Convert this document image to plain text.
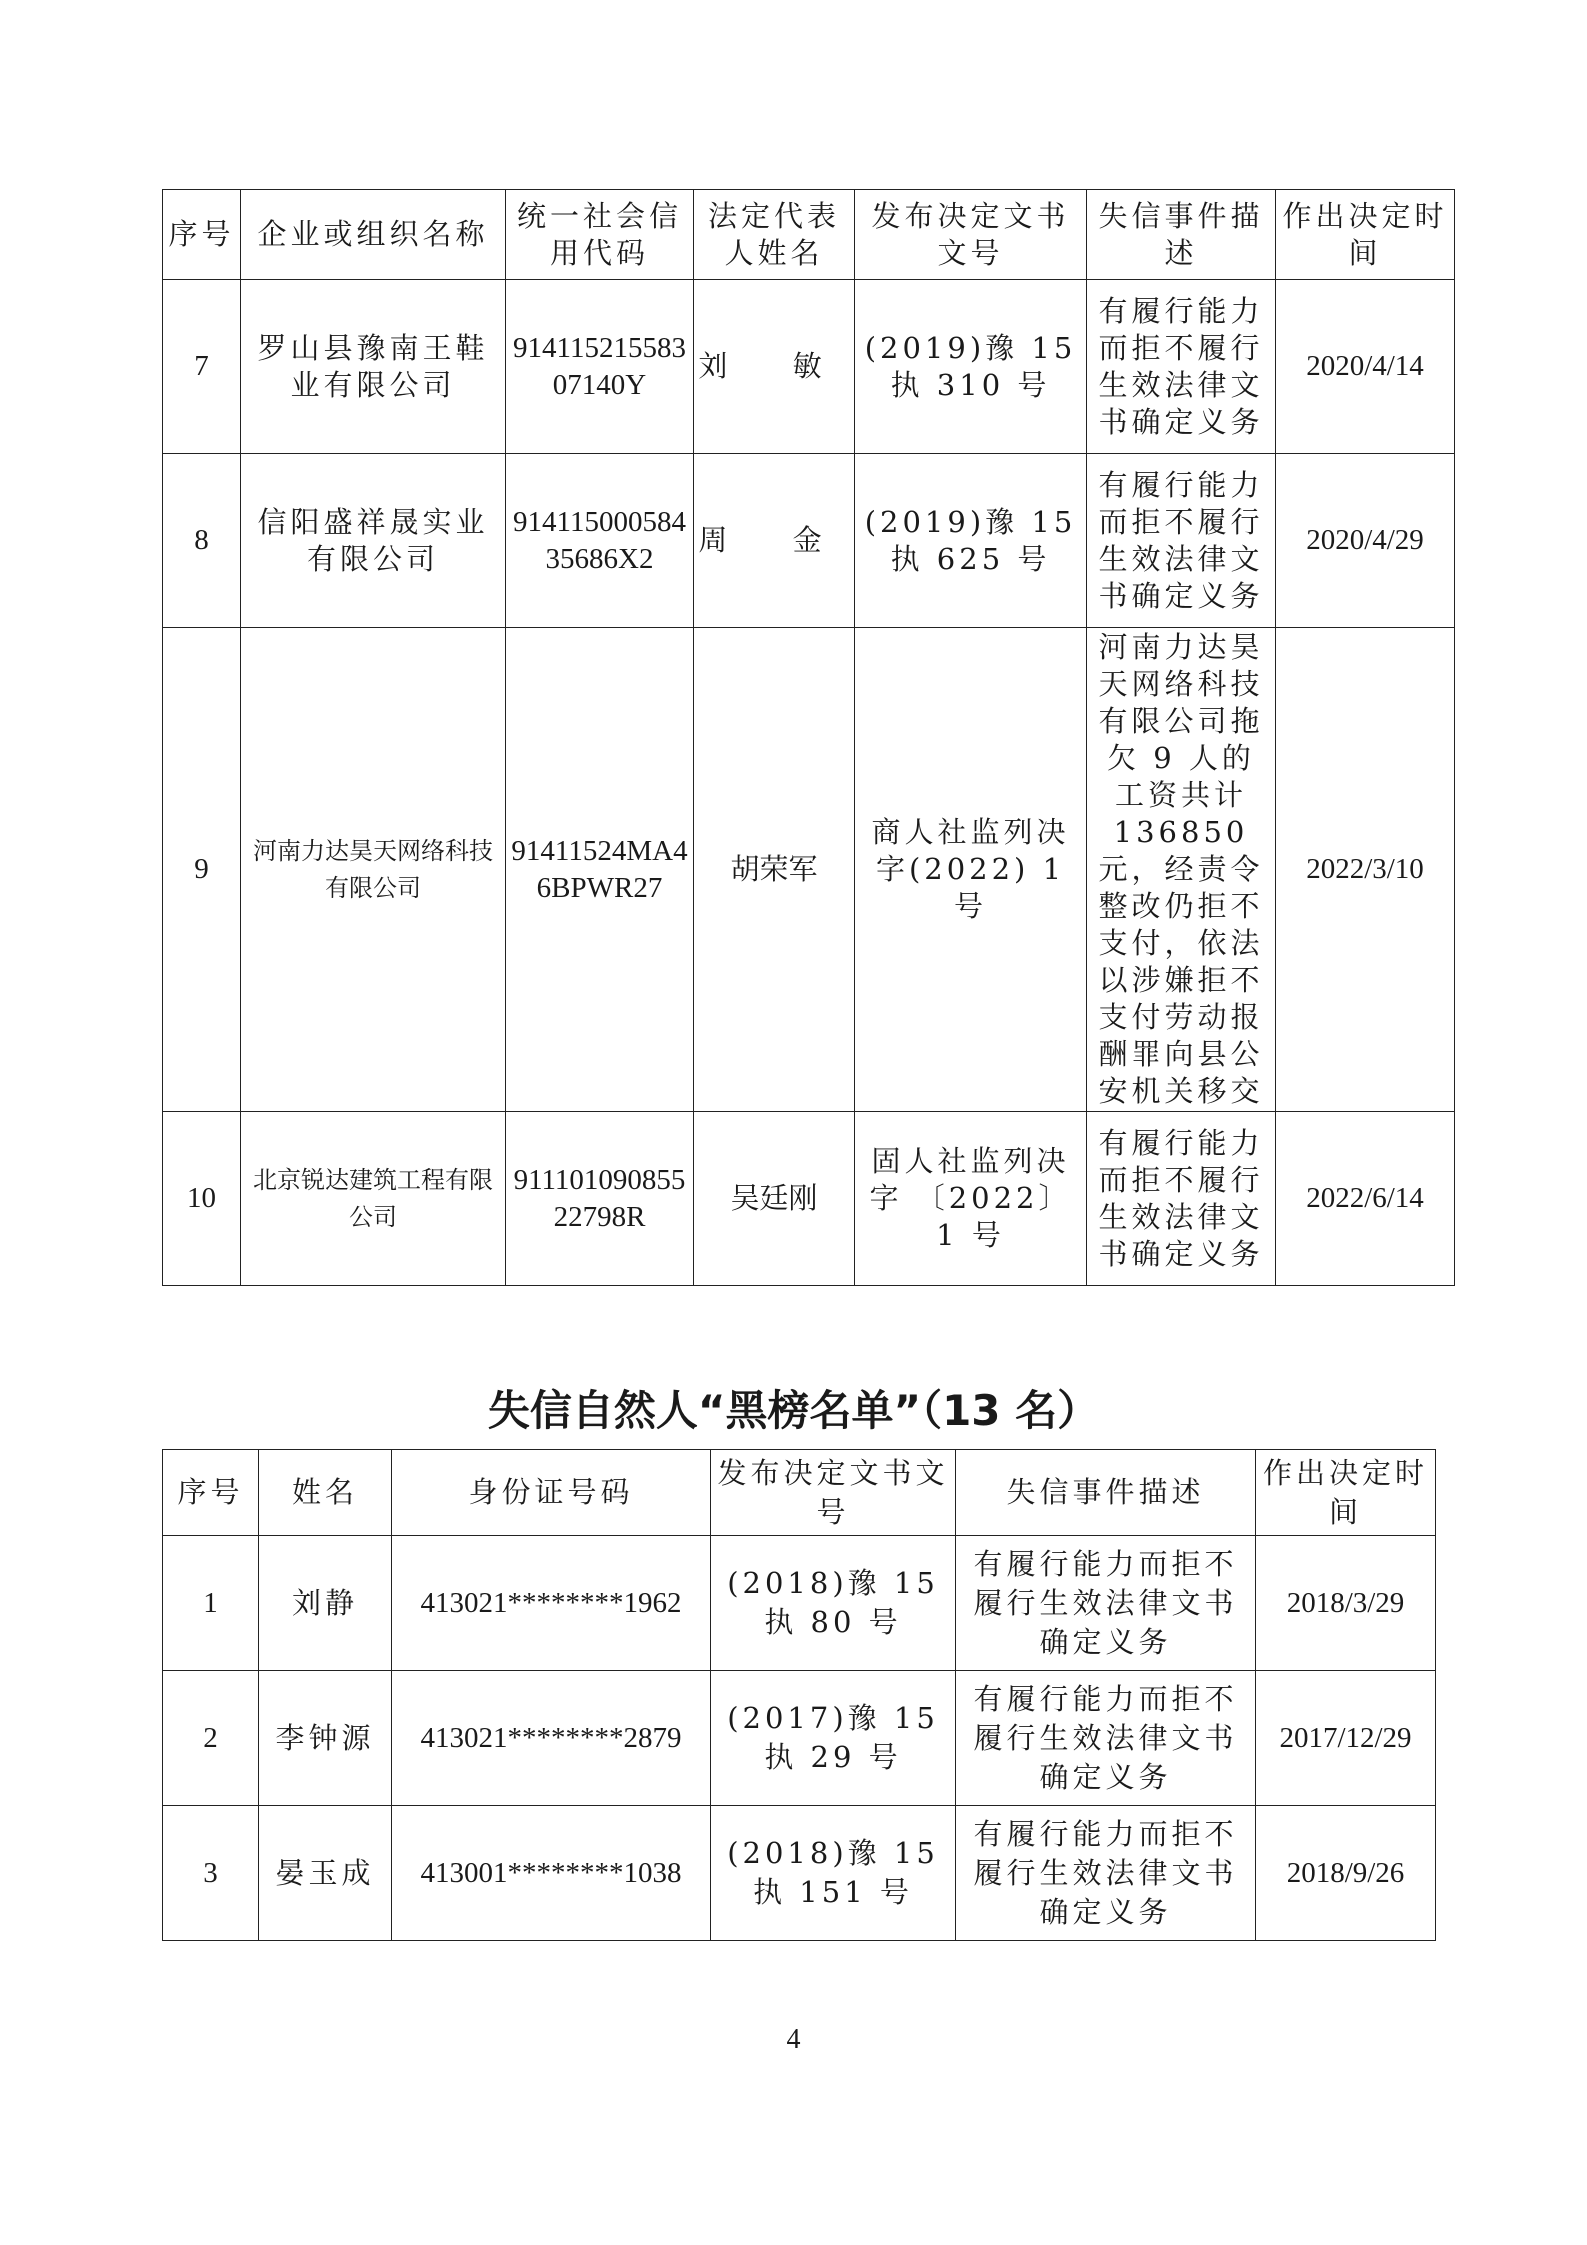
序号	企业或组织名称	统一社会信用代码	法定代表人姓名	发布决定文书文号	失信事件描述	作出决定时间
7	罗山县豫南王鞋业有限公司	91411521558307140Y	刘 敏	(2019)豫 15 执 310 号	有履行能力而拒不履行生效法律文书确定义务	2020/4/14
8	信阳盛祥晟实业有限公司	91411500058435686X2	周 金	(2019)豫 15 执 625 号	有履行能力而拒不履行生效法律文书确定义务	2020/4/29
9	河南力达昊天网络科技有限公司	91411524MA46BPWR27	胡荣军	商人社监列决字(2022) 1 号	河南力达昊天网络科技有限公司拖欠 9 人的工资共计 136850 元，经责令整改仍拒不支付，依法以涉嫌拒不支付劳动报酬罪向县公安机关移交	2022/3/10
10	北京锐达建筑工程有限公司	91110109085522798R	吴廷刚	固人社监列决字 〔2022〕1 号	有履行能力而拒不履行生效法律文书确定义务	2022/6/14
失信自然人“黑榜名单”（13 名）
序号	姓名	身份证号码	发布决定文书文号	失信事件描述	作出决定时间
1	刘静	413021********1962	(2018)豫 15 执 80 号	有履行能力而拒不履行生效法律文书确定义务	2018/3/29
2	李钟源	413021********2879	(2017)豫 15 执 29 号	有履行能力而拒不履行生效法律文书确定义务	2017/12/29
3	晏玉成	413001********1038	(2018)豫 15 执 151 号	有履行能力而拒不履行生效法律文书确定义务	2018/9/26
4
